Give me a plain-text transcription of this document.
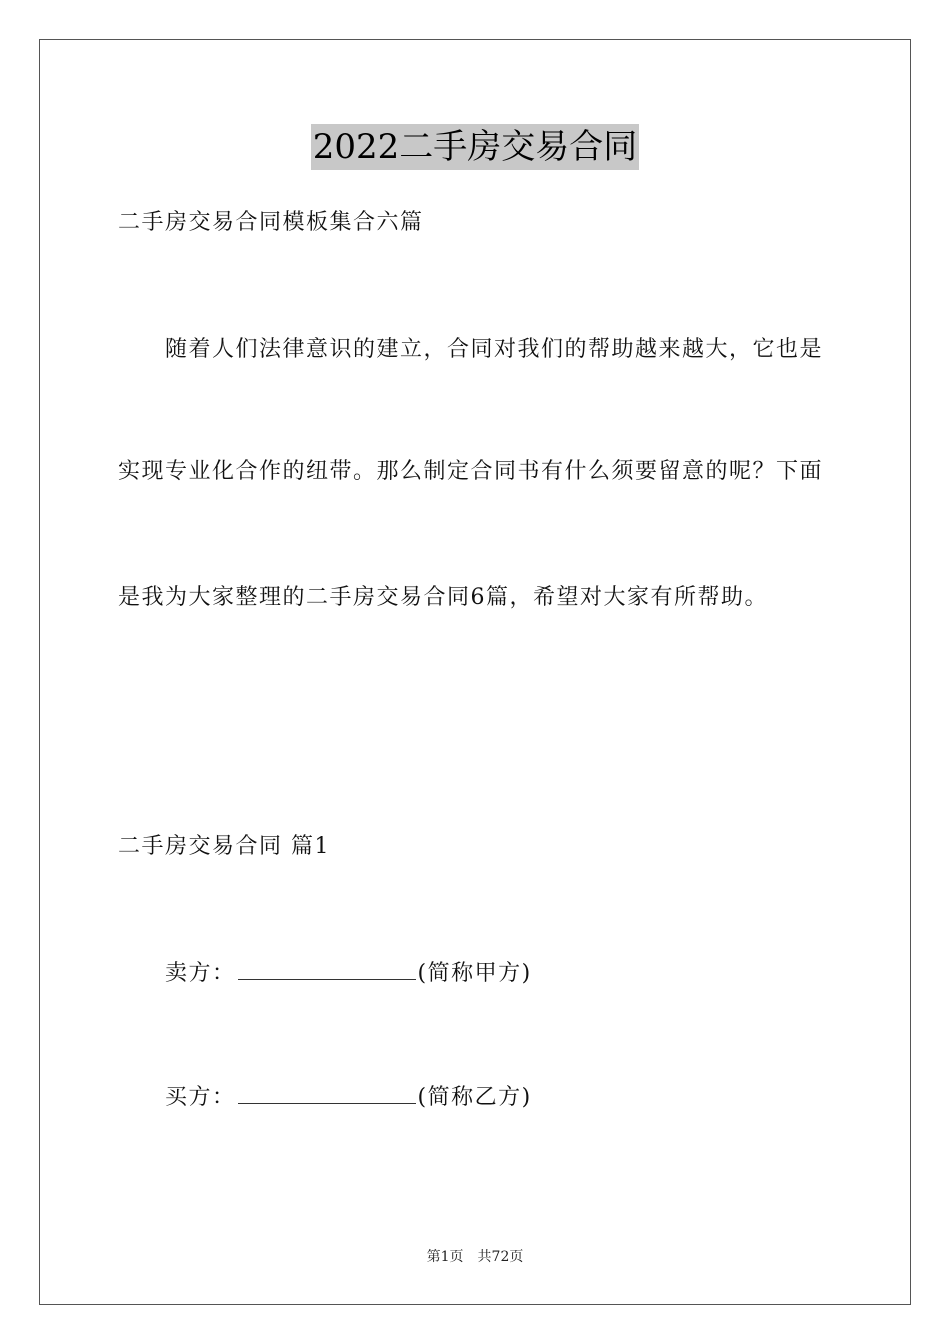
2022二手房交易合同
二手房交易合同模板集合六篇
随着人们法律意识的建立，合同对我们的帮助越来越大，它也是
实现专业化合作的纽带。那么制定合同书有什么须要留意的呢？下面
是我为大家整理的二手房交易合同6篇，希望对大家有所帮助。
二手房交易合同 篇1
卖方：	(简称甲方)
买方：	(简称乙方)
第1页 共72页
